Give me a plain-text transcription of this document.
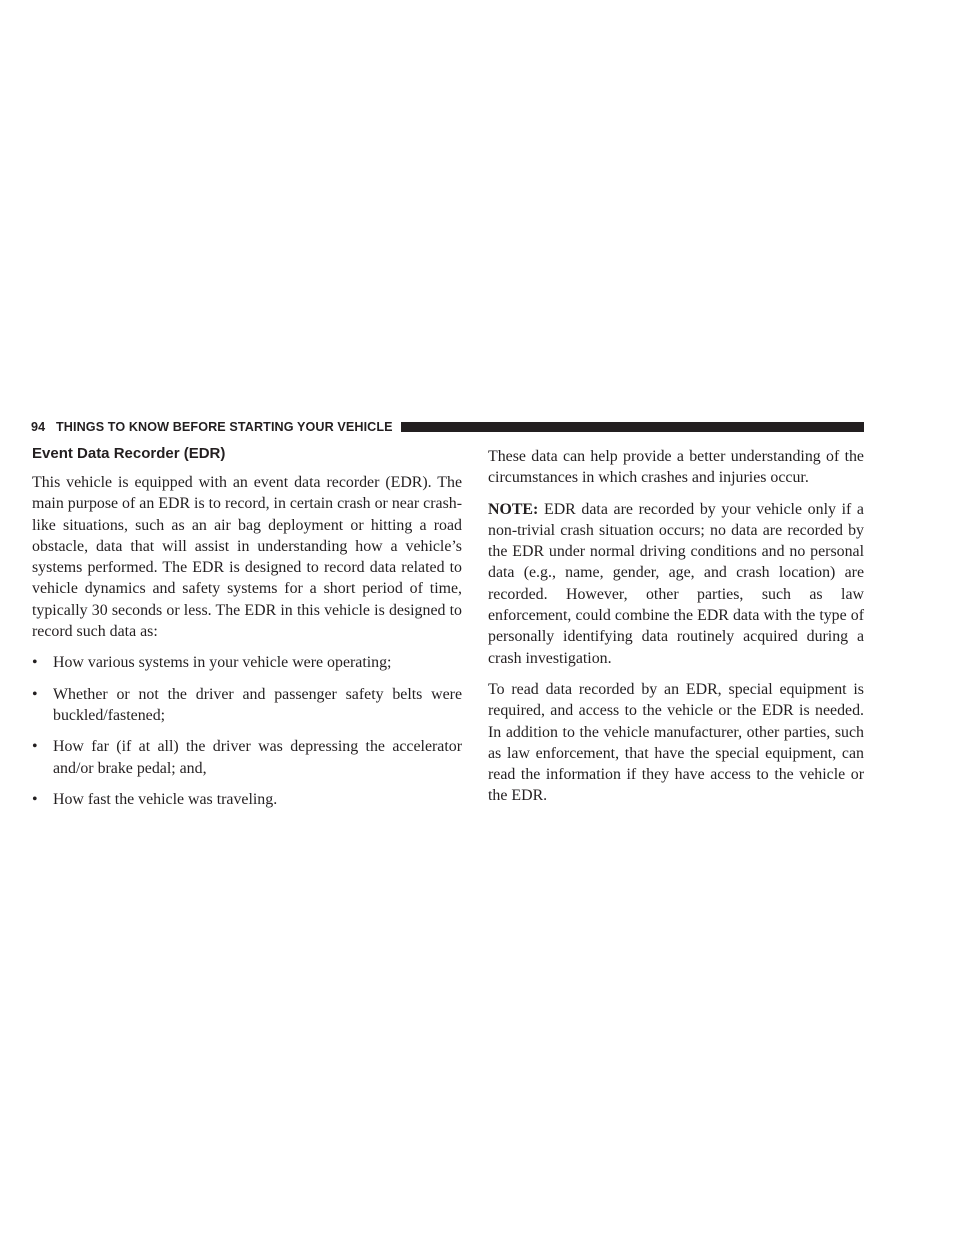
94 THINGS TO KNOW BEFORE STARTING YOUR VEHICLE
Event Data Recorder (EDR)

This vehicle is equipped with an event data recorder (EDR). The main purpose of an EDR is to record, in certain crash or near crash-like situations, such as an air bag deployment or hitting a road obstacle, data that will assist in understanding how a vehicle’s systems performed. The EDR is designed to record data related to vehicle dynamics and safety systems for a short period of time, typically 30 seconds or less. The EDR in this vehicle is designed to record such data as:

• How various systems in your vehicle were operating;
• Whether or not the driver and passenger safety belts were buckled/fastened;
• How far (if at all) the driver was depressing the accelerator and/or brake pedal; and,
• How fast the vehicle was traveling.

These data can help provide a better understanding of the circumstances in which crashes and injuries occur.

NOTE: EDR data are recorded by your vehicle only if a non-trivial crash situation occurs; no data are recorded by the EDR under normal driving conditions and no personal data (e.g., name, gender, age, and crash location) are recorded. However, other parties, such as law enforcement, could combine the EDR data with the type of personally identifying data routinely acquired during a crash investigation.

To read data recorded by an EDR, special equipment is required, and access to the vehicle or the EDR is needed. In addition to the vehicle manufacturer, other parties, such as law enforcement, that have the special equipment, can read the information if they have access to the vehicle or the EDR.
